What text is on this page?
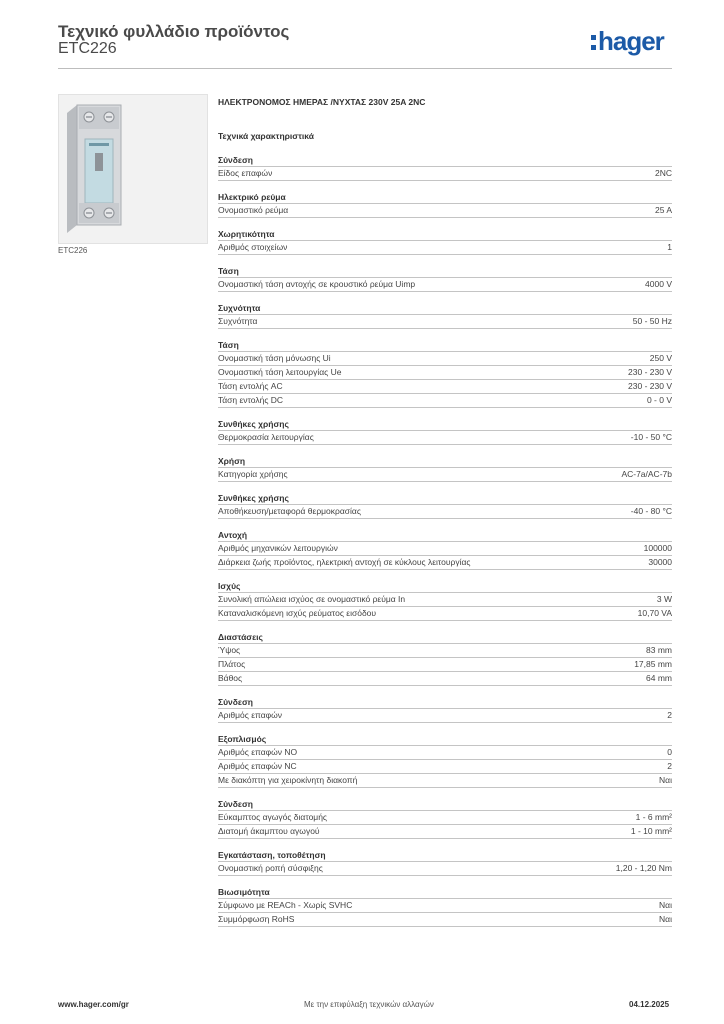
Τεχνικό φυλλάδιο προϊόντος
ETC226	hager
ETC226
ΗΛΕΚΤΡΟΝΟΜΟΣ ΗΜΕΡΑΣ /ΝΥΧΤΑΣ 230V 25A 2NC
Τεχνικά χαρακτηριστικά
Σύνδεση
Είδος επαφών	2NC
Ηλεκτρικό ρεύμα
Ονομαστικό ρεύμα	25 A
Χωρητικότητα
Αριθμός στοιχείων	1
Τάση
Ονομαστική τάση αντοχής σε κρουστικό ρεύμα Uimp	4000 V
Συχνότητα
Συχνότητα	50 - 50 Hz
Τάση
Ονομαστική τάση μόνωσης Ui	250 V
Ονομαστική τάση λειτουργίας Ue	230 - 230 V
Τάση εντολής AC	230 - 230 V
Τάση εντολής DC	0 - 0 V
Συνθήκες χρήσης
Θερμοκρασία λειτουργίας	-10 - 50 °C
Χρήση
Κατηγορία χρήσης	AC-7a/AC-7b
Συνθήκες χρήσης
Αποθήκευση/μεταφορά θερμοκρασίας	-40 - 80 °C
Αντοχή
Αριθμός μηχανικών λειτουργιών	100000
Διάρκεια ζωής προϊόντος, ηλεκτρική αντοχή σε κύκλους λειτουργίας	30000
Ισχύς
Συνολική απώλεια ισχύος σε ονομαστικό ρεύμα In	3 W
Καταναλισκόμενη ισχύς ρεύματος εισόδου	10,70 VA
Διαστάσεις
Ύψος	83 mm
Πλάτος	17,85 mm
Βάθος	64 mm
Σύνδεση
Αριθμός επαφών	2
Εξοπλισμός
Αριθμός επαφών NO	0
Αριθμός επαφών NC	2
Με διακόπτη για χειροκίνητη διακοπή	Ναι
Σύνδεση
Εύκαμπτος αγωγός διατομής	1 - 6 mm²
Διατομή άκαμπτου αγωγού	1 - 10 mm²
Εγκατάσταση, τοποθέτηση
Ονομαστική ροπή σύσφιξης	1,20 - 1,20 Nm
Βιωσιμότητα
Σύμφωνο με REACh - Χωρίς SVHC	Ναι
Συμμόρφωση RoHS	Ναι
www.hager.com/gr	Με την επιφύλαξη τεχνικών αλλαγών	04.12.2025
